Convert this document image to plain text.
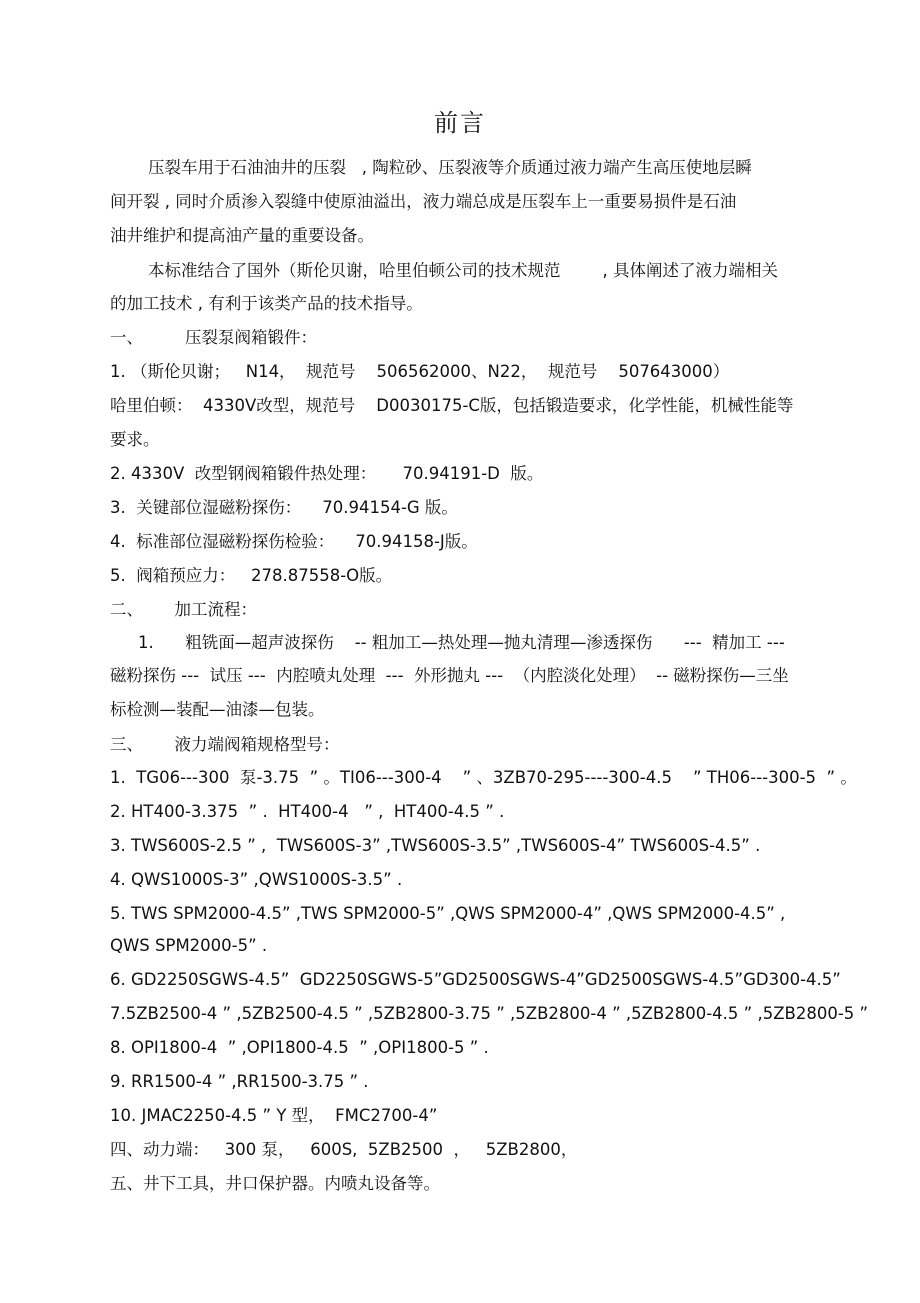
前言
压裂车用于石油油井的压裂   , 陶粒砂、压裂液等介质通过液力端产生高压使地层瞬
间开裂 , 同时介质渗入裂缝中使原油溢出，液力端总成是压裂车上一重要易损件是石油
油井维护和提高油产量的重要设备。
本标准结合了国外（斯伦贝谢，哈里伯顿公司的技术规范        , 具体阐述了液力端相关
的加工技术 , 有利于该类产品的技术指导。
一、        压裂泵阀箱锻件：
1. （斯伦贝谢；   N14，  规范号    506562000、N22，  规范号    507643000）
哈里伯顿：  4330V改型，规范号    D0030175-C版，包括锻造要求，化学性能，机械性能等
要求。
2. 4330V  改型钢阀箱锻件热处理：     70.94191-D  版。
3.  关键部位湿磁粉探伤：    70.94154-G 版。
4.  标准部位湿磁粉探伤检验：    70.94158-J版。
5.  阀箱预应力：   278.87558-O版。
二、      加工流程：
1.      粗铣面—超声波探伤    -- 粗加工—热处理—抛丸清理—渗透探伤      ---  精加工 ---
磁粉探伤 ---  试压 ---  内腔喷丸处理  ---  外形抛丸 ---  （内腔淡化处理）  -- 磁粉探伤—三坐
标检测—装配—油漆—包装。
三、      液力端阀箱规格型号：
1.  TG06---300  泵-3.75  ” 。TI06---300-4    ” 、3ZB70-295----300-4.5    ” TH06---300-5  ” 。
2. HT400-3.375  ” .  HT400-4   ” ,  HT400-4.5 ” .
3. TWS600S-2.5 ” ,  TWS600S-3” ,TWS600S-3.5” ,TWS600S-4” TWS600S-4.5” .
4. QWS1000S-3” ,QWS1000S-3.5” .
5. TWS SPM2000-4.5” ,TWS SPM2000-5” ,QWS SPM2000-4” ,QWS SPM2000-4.5” ,
QWS SPM2000-5” .
6. GD2250SGWS-4.5”  GD2250SGWS-5”GD2500SGWS-4”GD2500SGWS-4.5”GD300-4.5”
7.5ZB2500-4 ” ,5ZB2500-4.5 ” ,5ZB2800-3.75 ” ,5ZB2800-4 ” ,5ZB2800-4.5 ” ,5ZB2800-5 ”
8. OPI1800-4  ” ,OPI1800-4.5  ” ,OPI1800-5 ” .
9. RR1500-4 ” ,RR1500-3.75 ” .
10. JMAC2250-4.5 ” Y 型，  FMC2700-4”
四、动力端：   300 泵，   600S,  5ZB2500  ，   5ZB2800，
五、井下工具，井口保护器。内喷丸设备等。
